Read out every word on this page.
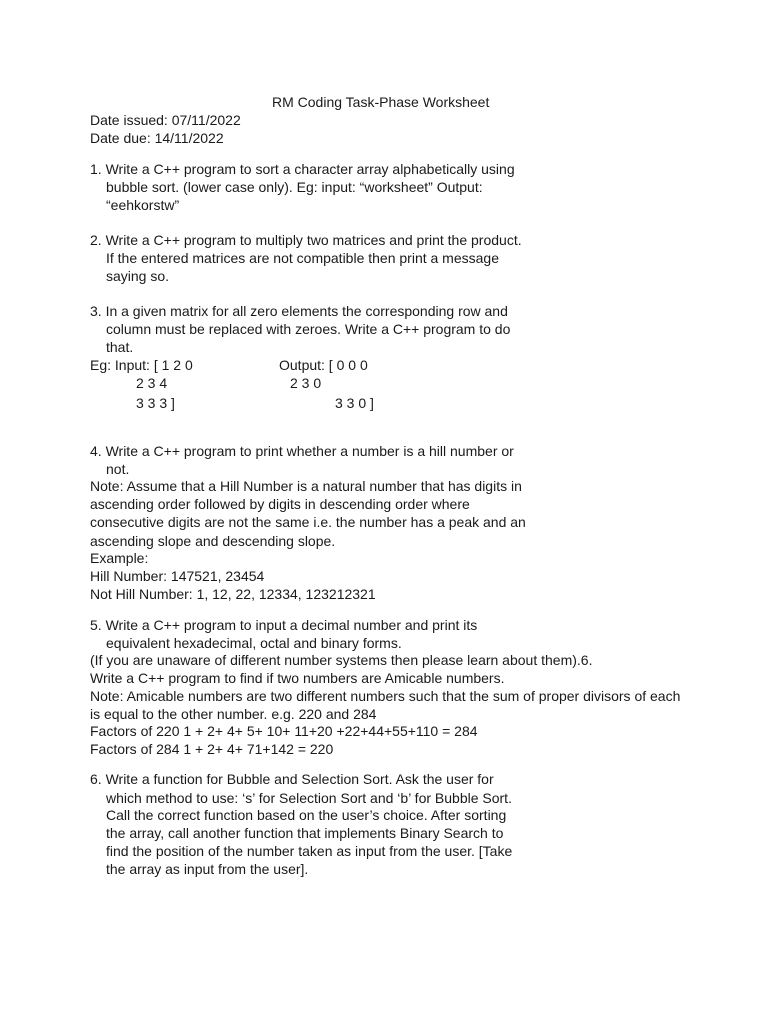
RM Coding Task-Phase Worksheet

Date issued: 07/11/2022

Date due: 14/11/2022

1. Write a C++ program to sort a character array alphabetically using

bubble sort. (lower case only). Eg: input: “worksheet” Output:

“eehkorstw”

2. Write a C++ program to multiply two matrices and print the product.

If the entered matrices are not compatible then print a message

saying so.

3. In a given matrix for all zero elements the corresponding row and

column must be replaced with zeroes. Write a C++ program to do

that.

Eg: Input: [ 1 2 0	Output: [ 0 0 0

2 3 4	2 3 0

3 3 3 ]	3 3 0 ]

4. Write a C++ program to print whether a number is a hill number or

not.

Note: Assume that a Hill Number is a natural number that has digits in

ascending order followed by digits in descending order where

consecutive digits are not the same i.e. the number has a peak and an

ascending slope and descending slope.

Example:

Hill Number: 147521, 23454

Not Hill Number: 1, 12, 22, 12334, 123212321

5. Write a C++ program to input a decimal number and print its

equivalent hexadecimal, octal and binary forms.

(If you are unaware of different number systems then please learn about them).6.

Write a C++ program to find if two numbers are Amicable numbers.

Note: Amicable numbers are two different numbers such that the sum of proper divisors of each

is equal to the other number. e.g. 220 and 284

Factors of 220 1 + 2+ 4+ 5+ 10+ 11+20 +22+44+55+110 = 284

Factors of 284 1 + 2+ 4+ 71+142 = 220

6. Write a function for Bubble and Selection Sort. Ask the user for

which method to use: ‘s’ for Selection Sort and ‘b’ for Bubble Sort.

Call the correct function based on the user’s choice. After sorting

the array, call another function that implements Binary Search to

find the position of the number taken as input from the user. [Take

the array as input from the user].
